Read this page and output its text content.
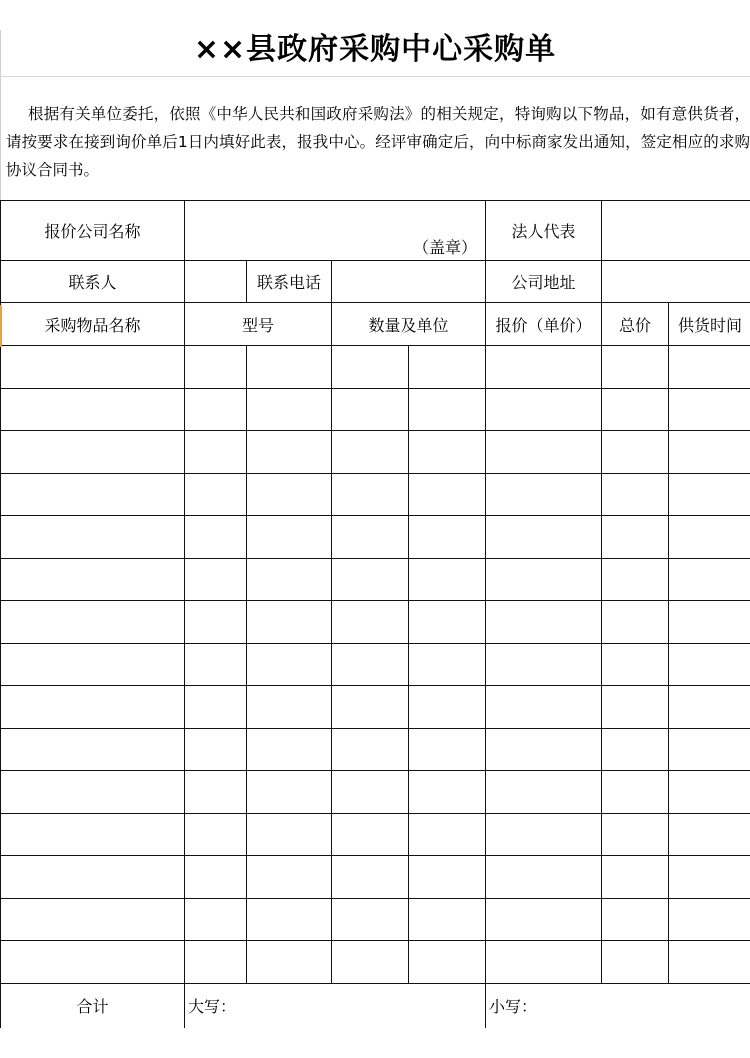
××县政府采购中心采购单

根据有关单位委托，依照《中华人民共和国政府采购法》的相关规定，特询购以下物品，如有意供货者，请按要求在接到询价单后1日内填好此表，报我中心。经评审确定后，向中标商家发出通知，签定相应的求购协议合同书。

报价公司名称	（盖章）				法人代表		
联系人		联系电话			公司地址		
采购物品名称	型号		数量及单位		报价（单价）	总价	供货时间

合计	大写：				小写：		
